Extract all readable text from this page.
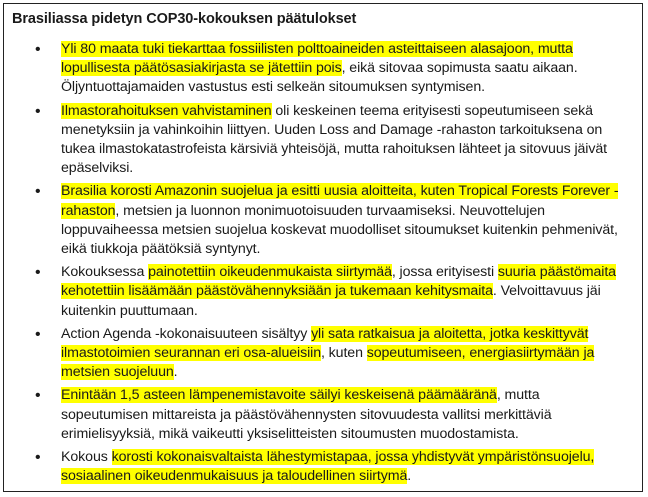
Brasiliassa pidetyn COP30-kokouksen päätulokset
• Yli 80 maata tuki tiekarttaa fossiilisten polttoaineiden asteittaiseen alasajoon, mutta lopullisesta päätösasiakirjasta se jätettiin pois, eikä sitovaa sopimusta saatu aikaan. Öljyntuottajamaiden vastustus esti selkeän sitoumuksen syntymisen.
• Ilmastorahoituksen vahvistaminen oli keskeinen teema erityisesti sopeutumiseen sekä menetyksiin ja vahinkoihin liittyen. Uuden Loss and Damage -rahaston tarkoituksena on tukea ilmastokatastrofeista kärsiviä yhteisöjä, mutta rahoituksen lähteet ja sitovuus jäivät epäselviksi.
• Brasilia korosti Amazonin suojelua ja esitti uusia aloitteita, kuten Tropical Forests Forever -rahaston, metsien ja luonnon monimuotoisuuden turvaamiseksi. Neuvottelujen loppuvaiheessa metsien suojelua koskevat muodolliset sitoumukset kuitenkin pehmenivät, eikä tiukkoja päätöksiä syntynyt.
• Kokouksessa painotettiin oikeudenmukaista siirtymää, jossa erityisesti suuria päästömaita kehotettiin lisäämään päästövähennyksiään ja tukemaan kehitysmaita. Velvoittavuus jäi kuitenkin puuttumaan.
• Action Agenda -kokonaisuuteen sisältyy yli sata ratkaisua ja aloitetta, jotka keskittyvät ilmastotoimien seurannan eri osa-alueisiin, kuten sopeutumiseen, energiasiirtymään ja metsien suojeluun.
• Enintään 1,5 asteen lämpenemistavoite säilyi keskeisenä päämääränä, mutta sopeutumisen mittareista ja päästövähennysten sitovuudesta vallitsi merkittäviä erimielisyyksiä, mikä vaikeutti yksiselitteisten sitoumusten muodostamista.
• Kokous korosti kokonaisvaltaista lähestymistapaa, jossa yhdistyvät ympäristönsuojelu, sosiaalinen oikeudenmukaisuus ja taloudellinen siirtymä.
